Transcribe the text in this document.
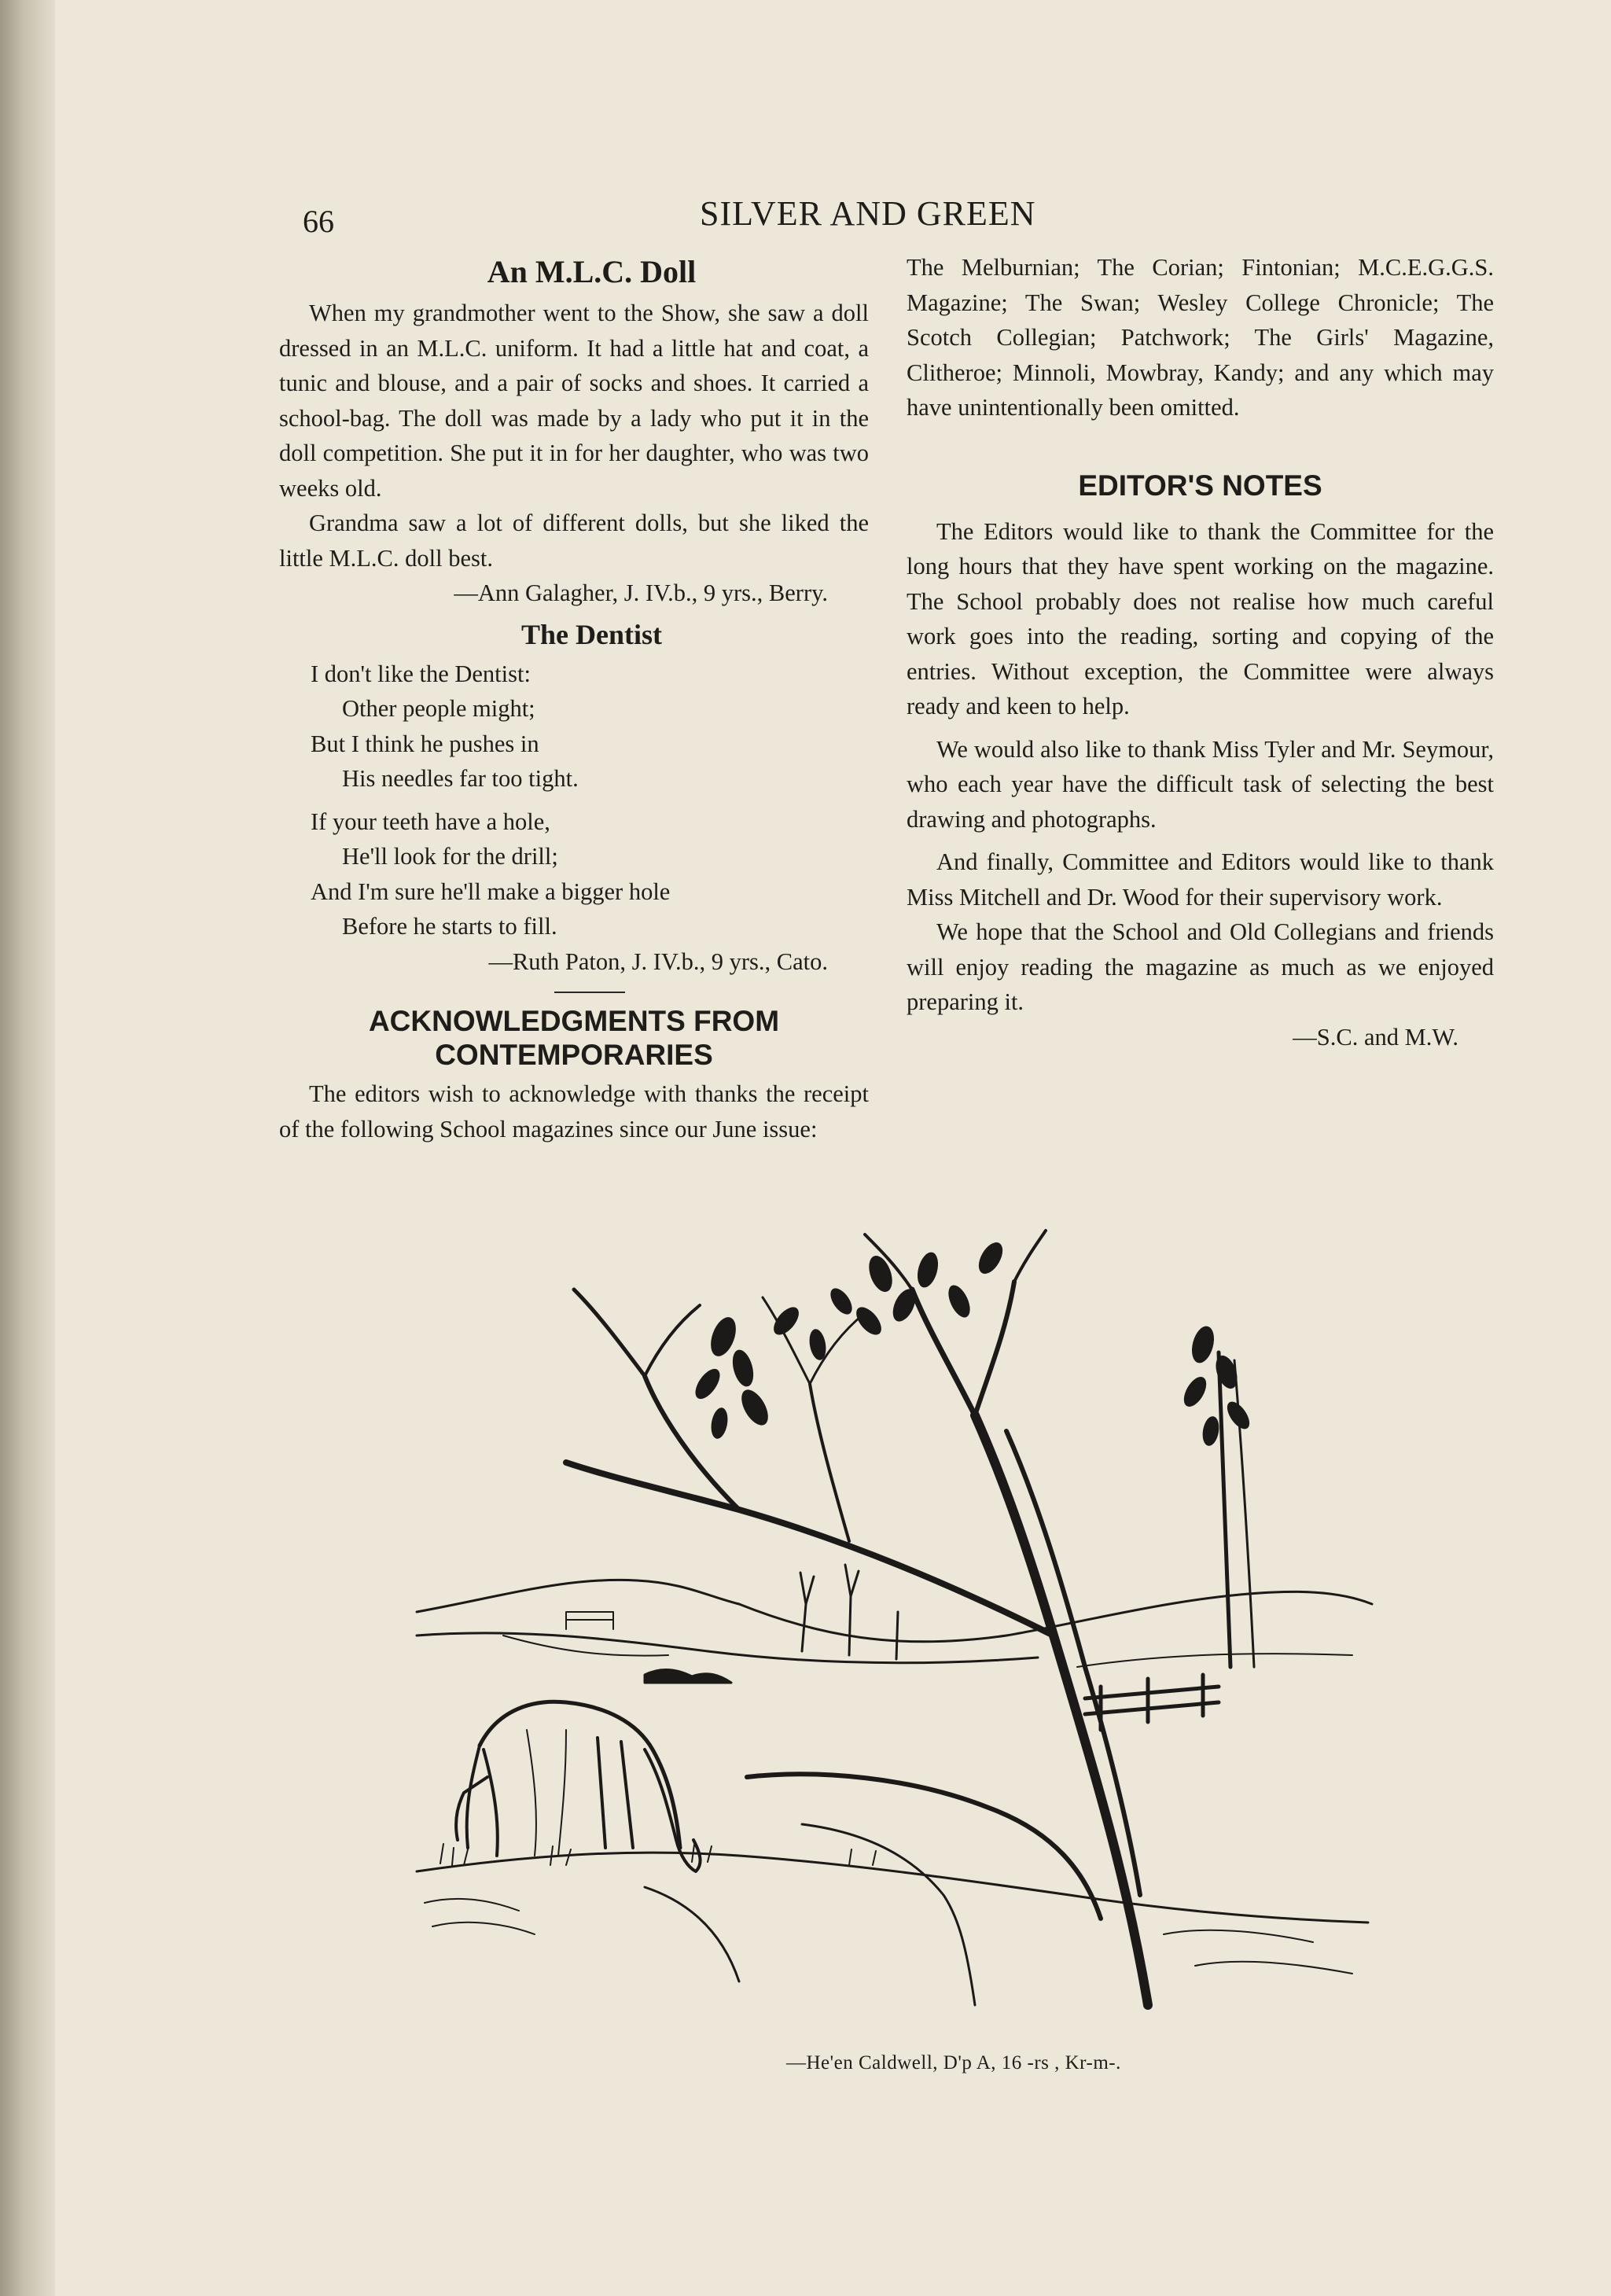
66	SILVER AND GREEN
An M.L.C. Doll

When my grandmother went to the Show, she saw a doll dressed in an M.L.C. uniform. It had a little hat and coat, a tunic and blouse, and a pair of socks and shoes. It carried a school-bag. The doll was made by a lady who put it in the doll competition. She put it in for her daughter, who was two weeks old.

Grandma saw a lot of different dolls, but she liked the little M.L.C. doll best.

—Ann Galagher, J. IV.b., 9 yrs., Berry.

The Dentist
I don't like the Dentist:
Other people might;
But I think he pushes in
His needles far too tight.
If your teeth have a hole,
He'll look for the drill;
And I'm sure he'll make a bigger hole
Before he starts to fill.

—Ruth Paton, J. IV.b., 9 yrs., Cato.

ACKNOWLEDGMENTS FROM
CONTEMPORARIES

The editors wish to acknowledge with thanks the receipt of the following School magazines since our June issue:

The Melburnian; The Corian; Fintonian; M.C.E.G.G.S. Magazine; The Swan; Wesley College Chronicle; The Scotch Collegian; Patchwork; The Girls' Magazine, Clitheroe; Minnoli, Mowbray, Kandy; and any which may have unintentionally been omitted.

EDITOR'S NOTES

The Editors would like to thank the Committee for the long hours that they have spent working on the magazine. The School probably does not realise how much careful work goes into the reading, sorting and copying of the entries. Without exception, the Committee were always ready and keen to help.

We would also like to thank Miss Tyler and Mr. Seymour, who each year have the difficult task of selecting the best drawing and photographs.

And finally, Committee and Editors would like to thank Miss Mitchell and Dr. Wood for their supervisory work.

We hope that the School and Old Collegians and friends will enjoy reading the magazine as much as we enjoyed preparing it.

—S.C. and M.W.

—He'en Caldwell, D'p A, 16 -rs , Kr-m-.
